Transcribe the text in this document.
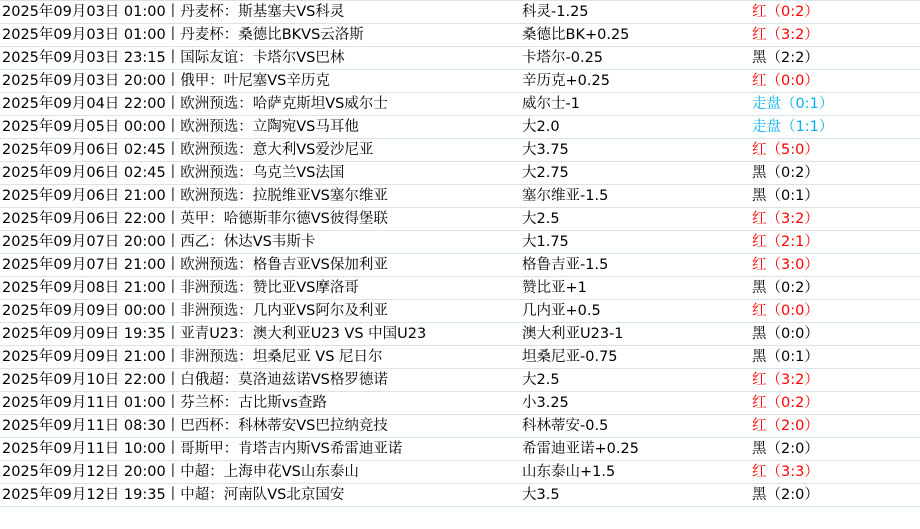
2025年09月03日 01:00丨丹麦杯：斯基塞夫VS科灵	科灵-1.25	红（0:2）
2025年09月03日 01:00丨丹麦杯：桑德比BKVS云洛斯	桑德比BK+0.25	红（3:2）
2025年09月03日 23:15丨国际友谊：卡塔尔VS巴林	卡塔尔-0.25	黑（2:2）
2025年09月03日 20:00丨俄甲：叶尼塞VS辛历克	辛历克+0.25	红（0:0）
2025年09月04日 22:00丨欧洲预选：哈萨克斯坦VS威尔士	威尔士-1	走盘（0:1）
2025年09月05日 00:00丨欧洲预选：立陶宛VS马耳他	大2.0	走盘（1:1）
2025年09月06日 02:45丨欧洲预选：意大利VS爱沙尼亚	大3.75	红（5:0）
2025年09月06日 02:45丨欧洲预选：乌克兰VS法国	大2.75	黑（0:2）
2025年09月06日 21:00丨欧洲预选：拉脱维亚VS塞尔维亚	塞尔维亚-1.5	黑（0:1）
2025年09月06日 22:00丨英甲：哈德斯菲尔德VS彼得堡联	大2.5	红（3:2）
2025年09月07日 20:00丨西乙：休达VS韦斯卡	大1.75	红（2:1）
2025年09月07日 21:00丨欧洲预选：格鲁吉亚VS保加利亚	格鲁吉亚-1.5	红（3:0）
2025年09月08日 21:00丨非洲预选：赞比亚VS摩洛哥	赞比亚+1	黑（0:2）
2025年09月09日 00:00丨非洲预选：几内亚VS阿尔及利亚	几内亚+0.5	红（0:0）
2025年09月09日 19:35丨亚青U23：澳大利亚U23 VS 中国U23	澳大利亚U23-1	黑（0:0）
2025年09月09日 21:00丨非洲预选：坦桑尼亚 VS 尼日尔	坦桑尼亚-0.75	黑（0:1）
2025年09月10日 22:00丨白俄超：莫洛迪兹诺VS格罗德诺	大2.5	红（3:2）
2025年09月11日 01:00丨芬兰杯：古比斯vs查路	小3.25	红（0:2）
2025年09月11日 08:30丨巴西杯：科林蒂安VS巴拉纳竞技	科林蒂安-0.5	红（2:0）
2025年09月11日 10:00丨哥斯甲：肯塔吉内斯VS希雷迪亚诺	希雷迪亚诺+0.25	黑（2:0）
2025年09月12日 20:00丨中超：上海申花VS山东泰山	山东泰山+1.5	红（3:3）
2025年09月12日 19:35丨中超：河南队VS北京国安	大3.5	黑（2:0）
